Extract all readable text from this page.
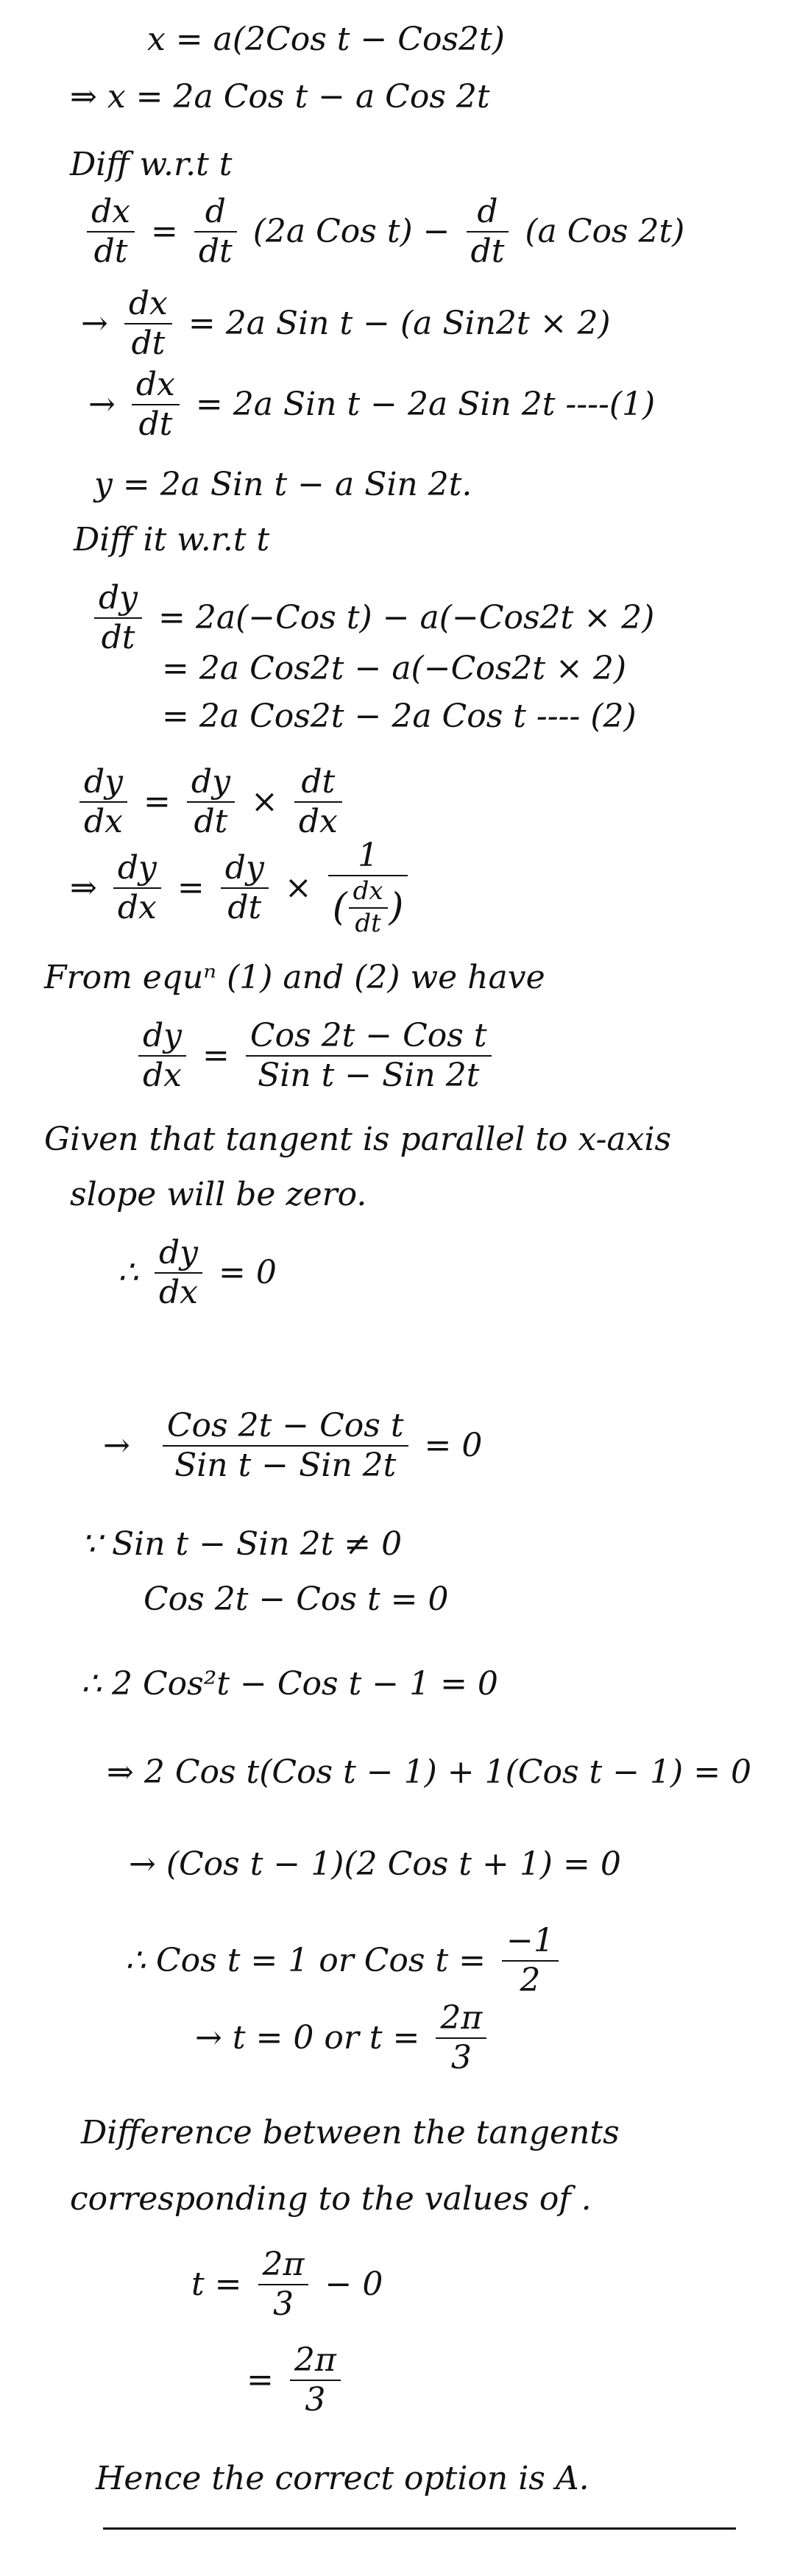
x = a(2Cos t − Cos2t)
⇒ x = 2a Cos t − a Cos 2t
Diff w.r.t t
$\frac{dx}{dt} = \frac{d}{dt} (2a$ Cos $t) - \frac{d}{dt} (a$ Cos 2t)
→ $\frac{dx}{dt} = 2a$ Sin t − (a Sin2t × 2)
→ $\frac{dx}{dt} = 2a$ Sin t − 2a Sin 2t ----(1)
y = 2a Sin t − a Sin 2t.
Diff it w.r.t t
$\frac{dy}{dt} = 2a(-Cos$ t) − a(−Cos2t × 2)
= 2a Cos2t − a(−Cos2t × 2)
= 2a Cos2t − 2a Cos t ---- (2)
$\frac{dy}{dx} = \frac{dy}{dt} \times \frac{dt}{dx}$
⇒ $\frac{dy}{dx} = \frac{dy}{dt} \times \frac{1}{( \frac{dx}{dt} )}$
From equⁿ (1) and (2) we have
$\frac{dy}{dx} = \frac{\text{Cos 2t − Cos t}}{\text{Sin t − Sin 2t}}$
Given that tangent is parallel to x-axis
slope will be zero.
∴ $\frac{dy}{dx} = 0$
→ $\frac{\text{Cos 2t − Cos t}}{\text{Sin t − Sin 2t}} = 0$
∵ Sin t − Sin 2t ≠ 0
Cos 2t − Cos t = 0
∴ 2 Cos²t − Cos t − 1 = 0
⇒ 2 Cos t(Cos t − 1) + 1(Cos t − 1) = 0
→ (Cos t − 1)(2 Cos t + 1) = 0
∴ Cos t = 1 or Cos $t = \frac{-1}{2}$
→ t = 0 or $t = \frac{2\pi}{3}$
Difference between the tangents
corresponding to the values of .
$t = \frac{2\pi}{3} - 0$
= $\frac{2\pi}{3}$
Hence the correct option is A.
